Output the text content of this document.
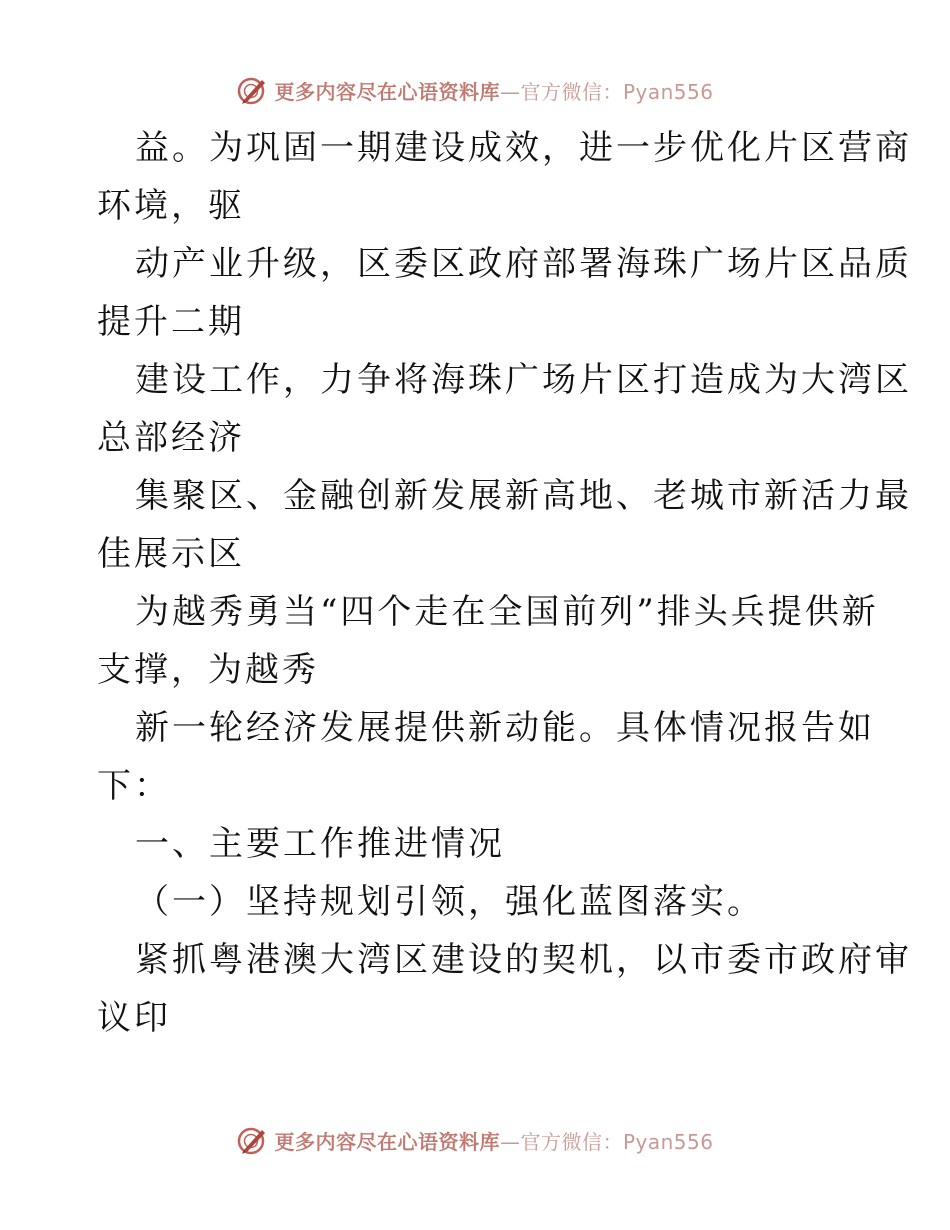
更多内容尽在心语资料库—官方微信：Pyan556
益。为巩固一期建设成效，进一步优化片区营商
环境，驱
动产业升级，区委区政府部署海珠广场片区品质
提升二期
建设工作，力争将海珠广场片区打造成为大湾区
总部经济
集聚区、金融创新发展新高地、老城市新活力最
佳展示区
为越秀勇当“四个走在全国前列”排头兵提供新
支撑，为越秀
新一轮经济发展提供新动能。具体情况报告如
下：
一、主要工作推进情况
（一）坚持规划引领，强化蓝图落实。
紧抓粤港澳大湾区建设的契机，以市委市政府审
议印
更多内容尽在心语资料库—官方微信：Pyan556
